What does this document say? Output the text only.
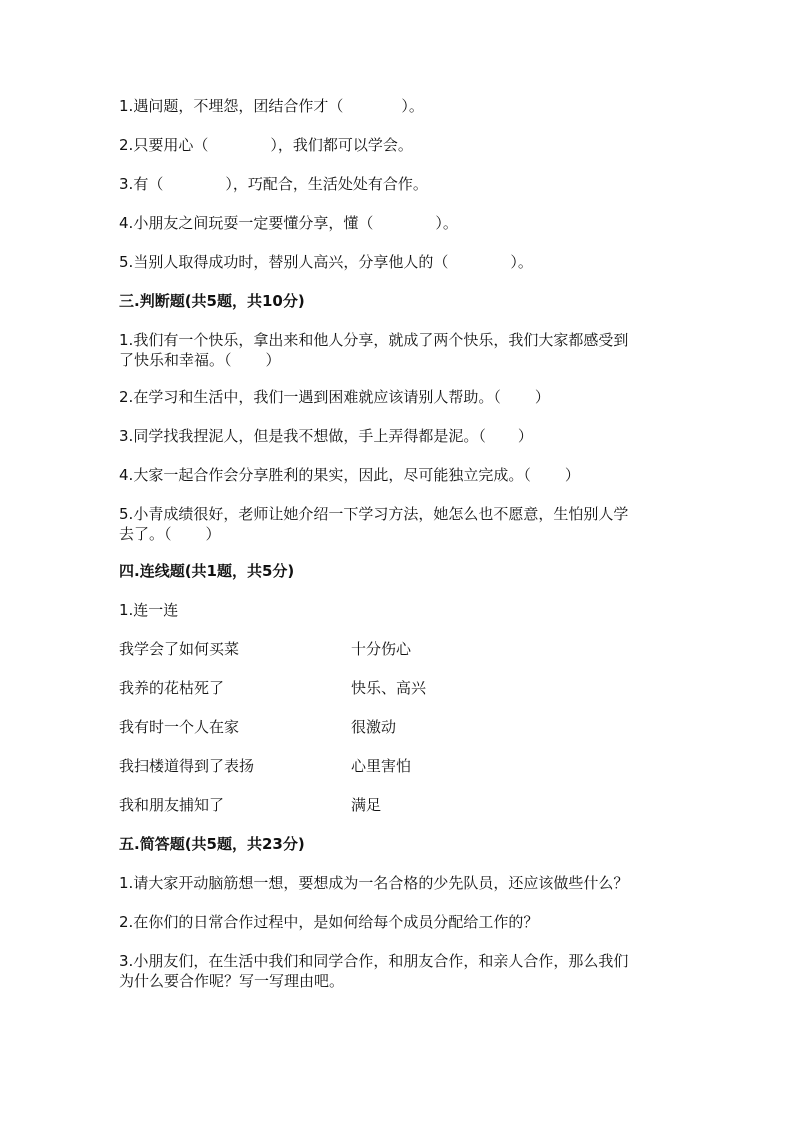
1.遇问题，不埋怨，团结合作才（	）。
2.只要用心（	），我们都可以学会。
3.有（	），巧配合，生活处处有合作。
4.小朋友之间玩耍一定要懂分享，懂（	）。
5.当别人取得成功时，替别人高兴，分享他人的（	）。
三.判断题(共5题，共10分)
1.我们有一个快乐，拿出来和他人分享，就成了两个快乐，我们大家都感受到
了快乐和幸福。（ ）
2.在学习和生活中，我们一遇到困难就应该请别人帮助。（ ）
3.同学找我捏泥人，但是我不想做，手上弄得都是泥。（ ）
4.大家一起合作会分享胜利的果实，因此，尽可能独立完成。（ ）
5.小青成绩很好，老师让她介绍一下学习方法，她怎么也不愿意，生怕别人学
去了。（ ）
四.连线题(共1题，共5分)
1.连一连
我学会了如何买菜	十分伤心
我养的花枯死了	快乐、高兴
我有时一个人在家	很激动
我扫楼道得到了表扬	心里害怕
我和朋友捕知了	满足
五.简答题(共5题，共23分)
1.请大家开动脑筋想一想，要想成为一名合格的少先队员，还应该做些什么？
2.在你们的日常合作过程中，是如何给每个成员分配给工作的？
3.小朋友们，在生活中我们和同学合作，和朋友合作，和亲人合作，那么我们
为什么要合作呢？写一写理由吧。
